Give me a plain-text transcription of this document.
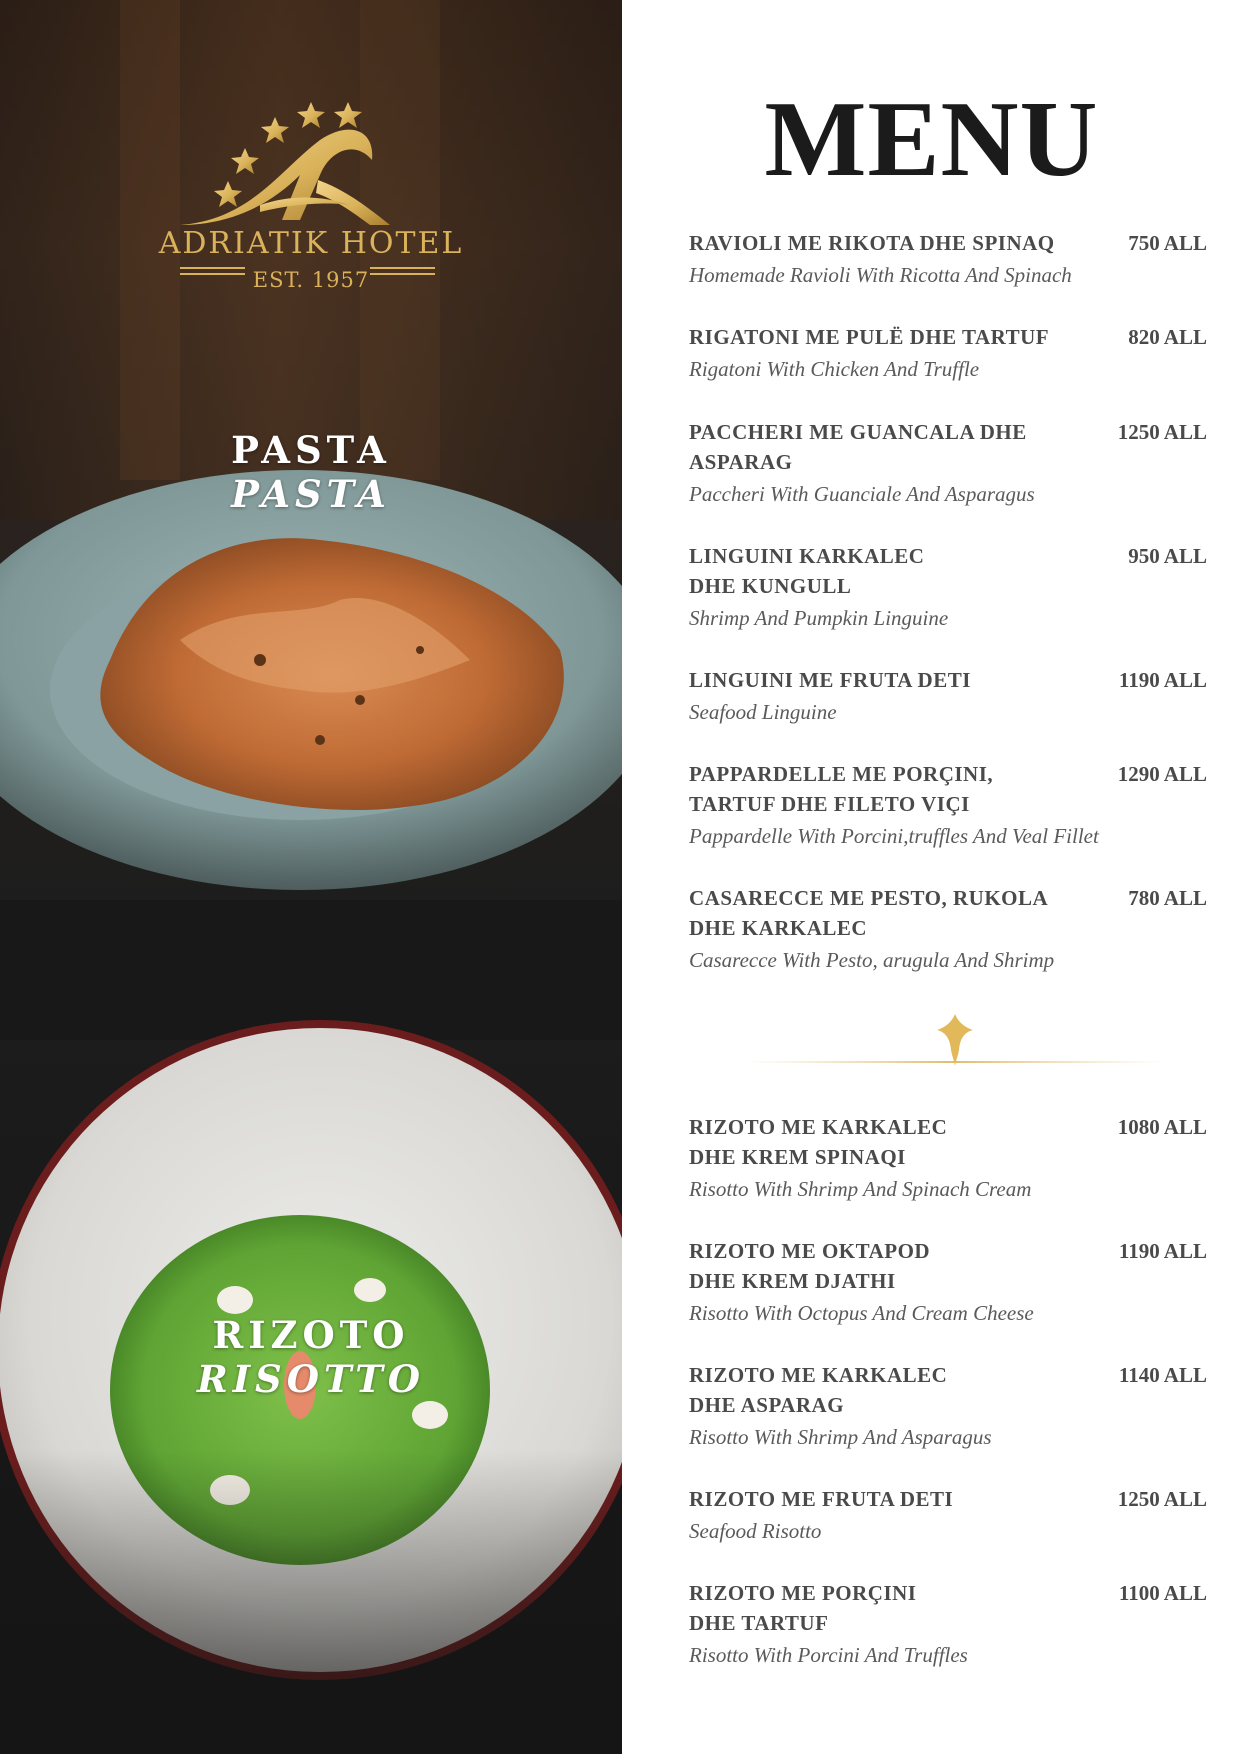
ADRIATIK HOTEL
EST. 1957
PASTA
PASTA
RIZOTO
RISOTTO
MENU
RAVIOLI ME RIKOTA DHE SPINAQ	750 ALL
Homemade Ravioli With Ricotta And Spinach
RIGATONI ME PULË DHE TARTUF	820 ALL
Rigatoni With Chicken And Truffle
PACCHERI ME GUANCALA DHE ASPARAG
1250 ALL
Paccheri With Guanciale And Asparagus
LINGUINI KARKALEC DHE KUNGULL
950 ALL
Shrimp And Pumpkin Linguine
LINGUINI ME FRUTA DETI	1190 ALL
Seafood Linguine
PAPPARDELLE ME PORÇINI, TARTUF DHE FILETO VIÇI
1290 ALL
Pappardelle With Porcini,truffles And Veal Fillet
CASARECCE ME PESTO, RUKOLA DHE KARKALEC
780 ALL
Casarecce With Pesto, arugula And Shrimp
RIZOTO ME KARKALEC DHE KREM SPINAQI
1080 ALL
Risotto With Shrimp And Spinach Cream
RIZOTO ME OKTAPOD DHE KREM DJATHI
1190 ALL
Risotto With Octopus And Cream Cheese
RIZOTO ME KARKALEC DHE ASPARAG
1140 ALL
Risotto With Shrimp And Asparagus
RIZOTO ME FRUTA DETI	1250 ALL
Seafood Risotto
RIZOTO ME PORÇINI DHE TARTUF
1100 ALL
Risotto With Porcini And Truffles
